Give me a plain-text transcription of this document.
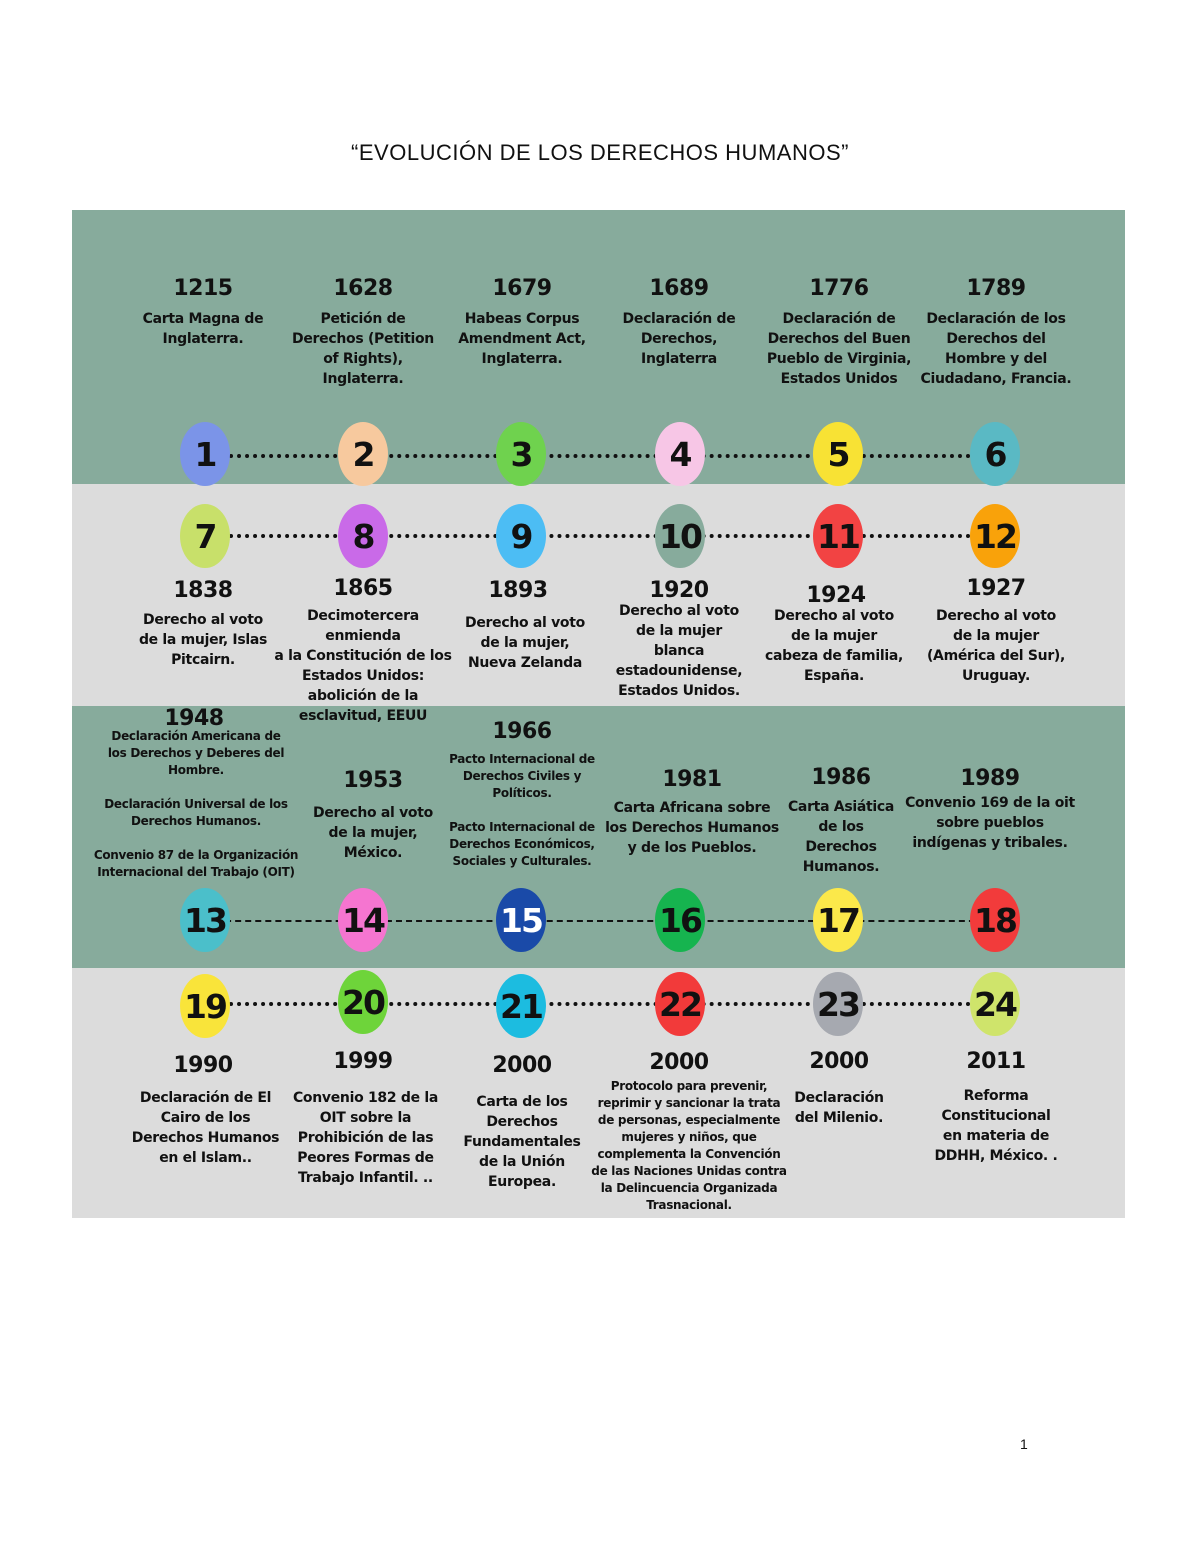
“EVOLUCIÓN DE LOS DERECHOS HUMANOS”
1215
Carta Magna de
Inglaterra.
1
1628
Petición de
Derechos (Petition
of Rights),
Inglaterra.
2
1679
Habeas Corpus
Amendment Act,
Inglaterra.
3
1689
Declaración de
Derechos,
Inglaterra
4
1776
Declaración de
Derechos del Buen
Pueblo de Virginia,
Estados Unidos
5
1789
Declaración de los
Derechos del
Hombre y del
Ciudadano, Francia.
6
7
1838
Derecho al voto
de la mujer, Islas
Pitcairn.
8
1865
Decimotercera enmienda
a la Constitución de los
Estados Unidos:
abolición de la
esclavitud, EEUU
9
1893
Derecho al voto
de la mujer,
Nueva Zelanda
10
1920
Derecho al voto
de la mujer
blanca
estadounidense,
Estados Unidos.
11
1924
Derecho al voto
de la mujer
cabeza de familia,
España.
12
1927
Derecho al voto
de la mujer
(América del Sur),
Uruguay.
1948
Declaración Americana de
los Derechos y Deberes del
Hombre.

Declaración Universal de los
Derechos Humanos.

Convenio 87 de la Organización
Internacional del Trabajo (OIT)
13
1953
Derecho al voto
de la mujer,
México.
14
1966
Pacto Internacional de
Derechos Civiles y
Políticos.

Pacto Internacional de
Derechos Económicos,
Sociales y Culturales.
15
1981
Carta Africana sobre
los Derechos Humanos
y de los Pueblos.
16
1986
Carta Asiática
de los
Derechos
Humanos.
17
1989
Convenio 169 de la oit
sobre pueblos
indígenas y tribales.
18
19
1990
Declaración de El
Cairo de los
Derechos Humanos
en el Islam..
20
1999
Convenio 182 de la
OIT sobre la
Prohibición de las
Peores Formas de
Trabajo Infantil. ..
21
2000
Carta de los
Derechos
Fundamentales
de la Unión
Europea.
22
2000
Protocolo para prevenir,
reprimir y sancionar la trata
de personas, especialmente
mujeres y niños, que
complementa la Convención
de las Naciones Unidas contra
la Delincuencia Organizada
Trasnacional.
23
2000
Declaración
del Milenio.
24
2011
Reforma
Constitucional
en materia de
DDHH, México. .
1
